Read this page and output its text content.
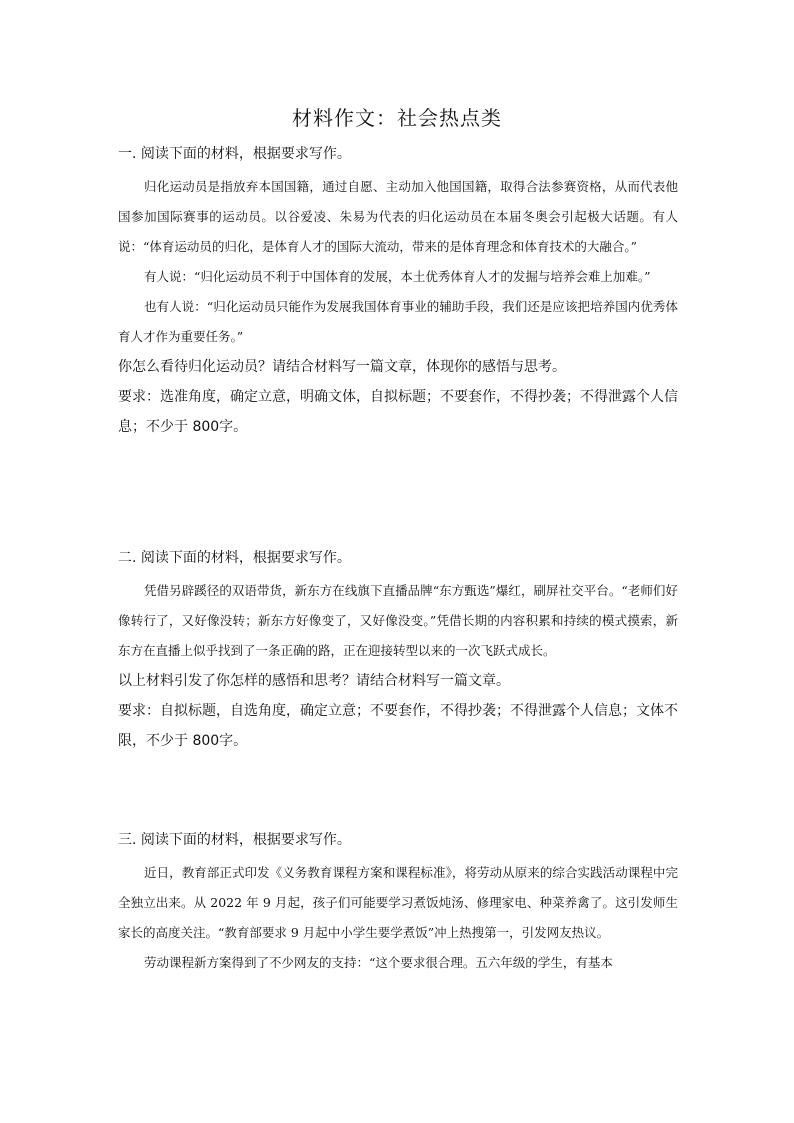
材料作文：社会热点类

一. 阅读下面的材料，根据要求写作。

归化运动员是指放弃本国国籍，通过自愿、主动加入他国国籍，取得合法参赛资格，从而代表他国参加国际赛事的运动员。以谷爱凌、朱易为代表的归化运动员在本届冬奥会引起极大话题。有人说：“体育运动员的归化，是体育人才的国际大流动，带来的是体育理念和体育技术的大融合。”

有人说：“归化运动员不利于中国体育的发展，本土优秀体育人才的发掘与培养会难上加难。”

也有人说：“归化运动员只能作为发展我国体育事业的辅助手段，我们还是应该把培养国内优秀体育人才作为重要任务。”

你怎么看待归化运动员？请结合材料写一篇文章，体现你的感悟与思考。

要求：选准角度，确定立意，明确文体，自拟标题；不要套作，不得抄袭；不得泄露个人信息；不少于 800字。

二. 阅读下面的材料，根据要求写作。

凭借另辟蹊径的双语带货，新东方在线旗下直播品牌“东方甄选”爆红，刷屏社交平台。“老师们好像转行了，又好像没转；新东方好像变了，又好像没变。”凭借长期的内容积累和持续的模式摸索，新东方在直播上似乎找到了一条正确的路，正在迎接转型以来的一次飞跃式成长。

以上材料引发了你怎样的感悟和思考？请结合材料写一篇文章。

要求：自拟标题，自选角度，确定立意；不要套作，不得抄袭；不得泄露个人信息；文体不限，不少于 800字。

三. 阅读下面的材料，根据要求写作。

近日，教育部正式印发《义务教育课程方案和课程标准》，将劳动从原来的综合实践活动课程中完全独立出来。从 2022 年 9 月起，孩子们可能要学习煮饭炖汤、修理家电、种菜养禽了。这引发师生家长的高度关注。“教育部要求 9 月起中小学生要学煮饭”冲上热搜第一，引发网友热议。

劳动课程新方案得到了不少网友的支持：“这个要求很合理。五六年级的学生，有基本
